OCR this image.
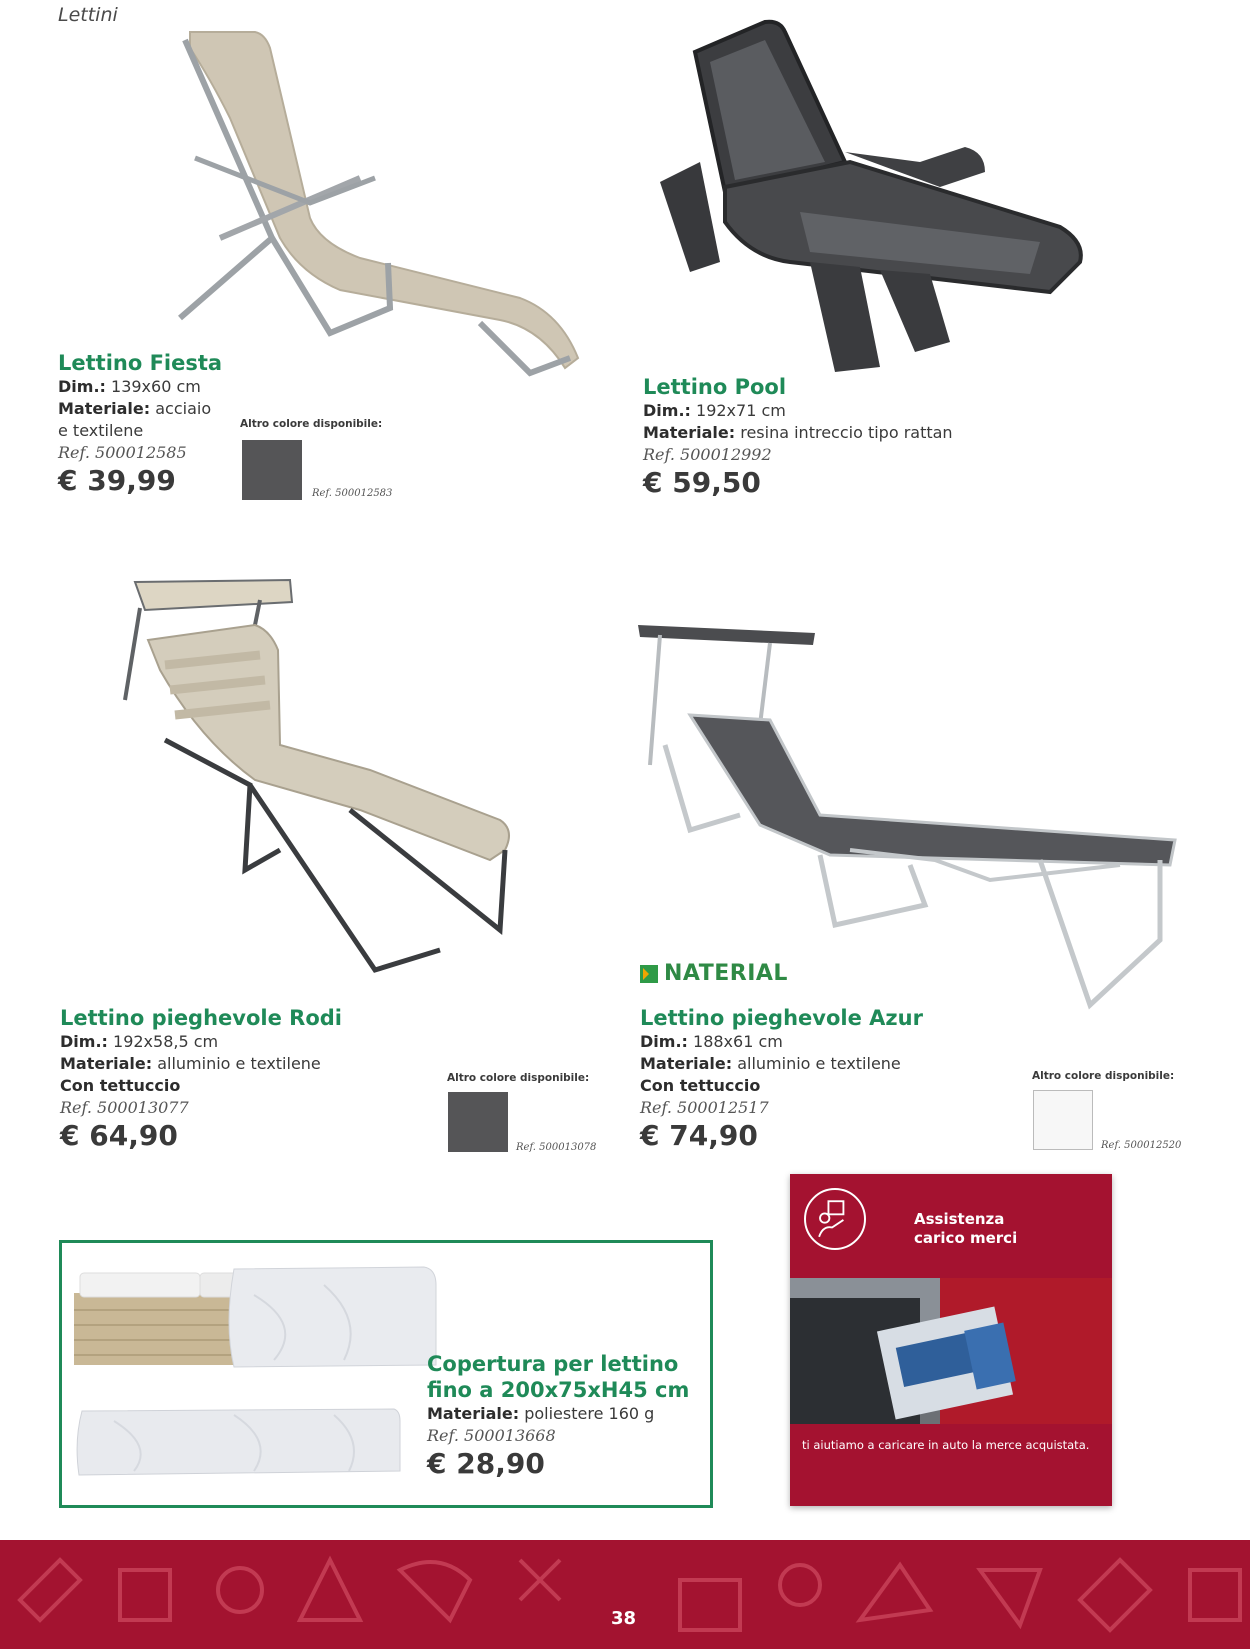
Lettini
Lettino Fiesta
Dim.: 139x60 cm
Materiale: acciaio
e textilene
Ref. 500012585
€ 39,99
Altro colore disponibile:
Ref. 500012583
Lettino Pool
Dim.: 192x71 cm
Materiale: resina intreccio tipo rattan
Ref. 500012992
€ 59,50
Lettino pieghevole Rodi
Dim.: 192x58,5 cm
Materiale: alluminio e textilene
Con tettuccio
Ref. 500013077
€ 64,90
Altro colore disponibile:
Ref. 500013078
NATERIAL
Lettino pieghevole Azur
Dim.: 188x61 cm
Materiale: alluminio e textilene
Con tettuccio
Ref. 500012517
€ 74,90
Altro colore disponibile:
Ref. 500012520
Copertura per lettino
fino a 200x75xH45 cm
Materiale: poliestere 160 g
Ref. 500013668
€ 28,90
Assistenza
carico merci
ti aiutiamo a caricare in auto la merce acquistata.
38
